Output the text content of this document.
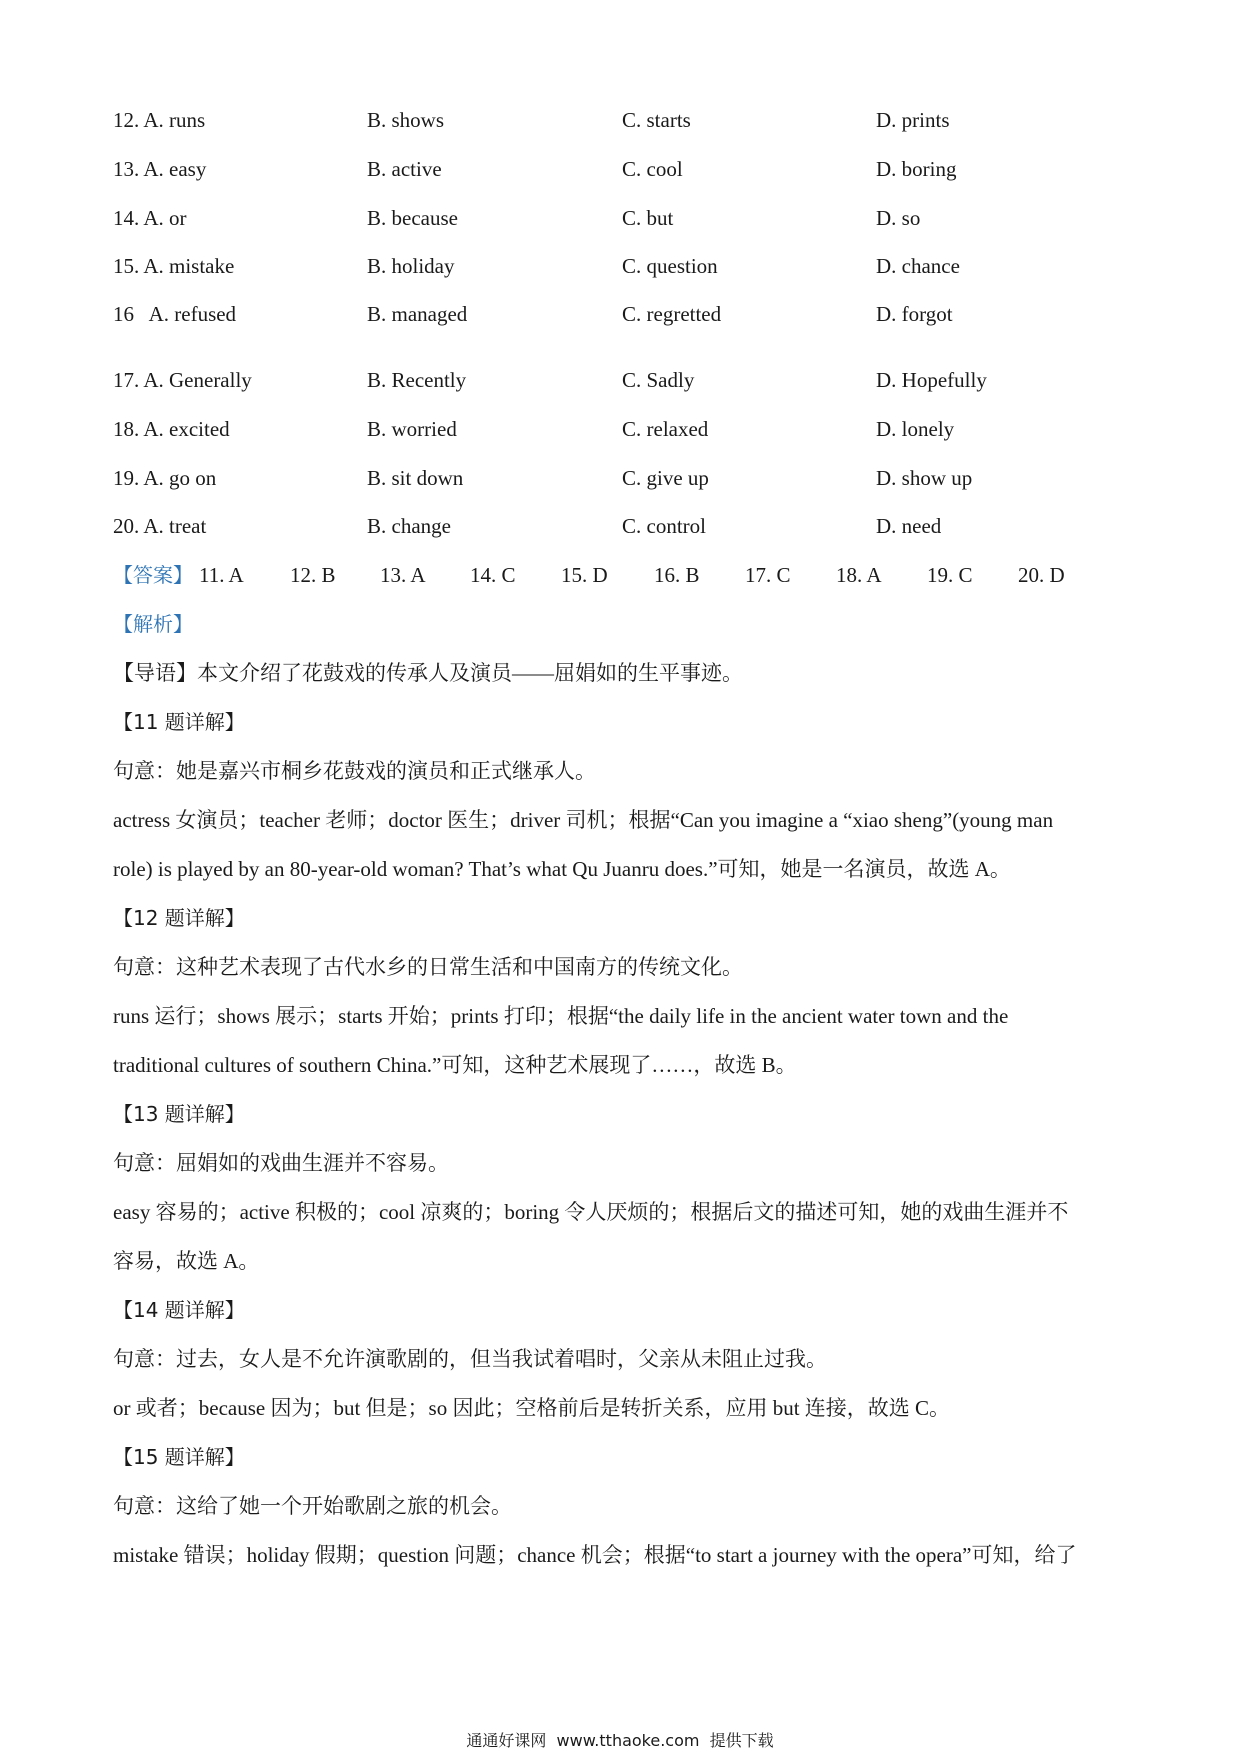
12. A. runs	B. shows	C. starts	D. prints
13. A. easy	B. active	C. cool	D. boring
14. A. or	B. because	C. but	D. so
15. A. mistake	B. holiday	C. question	D. chance
16   A. refused	B. managed	C. regretted	D. forgot
17. A. Generally	B. Recently	C. Sadly	D. Hopefully
18. A. excited	B. worried	C. relaxed	D. lonely
19. A. go on	B. sit down	C. give up	D. show up
20. A. treat	B. change	C. control	D. need
【答案】 11. A 12. B 13. A 14. C 15. D 16. B 17. C 18. A 19. C 20. D
【解析】
【导语】本文介绍了花鼓戏的传承人及演员——屈娟如的生平事迹。
【11 题详解】
句意：她是嘉兴市桐乡花鼓戏的演员和正式继承人。
actress 女演员；teacher 老师；doctor 医生；driver 司机；根据“Can you imagine a “xiao sheng”(young man
role) is played by an 80-year-old woman? That’s what Qu Juanru does.”可知，她是一名演员，故选 A。
【12 题详解】
句意：这种艺术表现了古代水乡的日常生活和中国南方的传统文化。
runs 运行；shows 展示；starts 开始；prints 打印；根据“the daily life in the ancient water town and the
traditional cultures of southern China.”可知，这种艺术展现了……，故选 B。
【13 题详解】
句意：屈娟如的戏曲生涯并不容易。
easy 容易的；active 积极的；cool 凉爽的；boring 令人厌烦的；根据后文的描述可知，她的戏曲生涯并不
容易，故选 A。
【14 题详解】
句意：过去，女人是不允许演歌剧的，但当我试着唱时，父亲从未阻止过我。
or 或者；because 因为；but 但是；so 因此；空格前后是转折关系，应用 but 连接，故选 C。
【15 题详解】
句意：这给了她一个开始歌剧之旅的机会。
mistake 错误；holiday 假期；question 问题；chance 机会；根据“to start a journey with the opera”可知，给了
通通好课网  www.tthaoke.com  提供下载
